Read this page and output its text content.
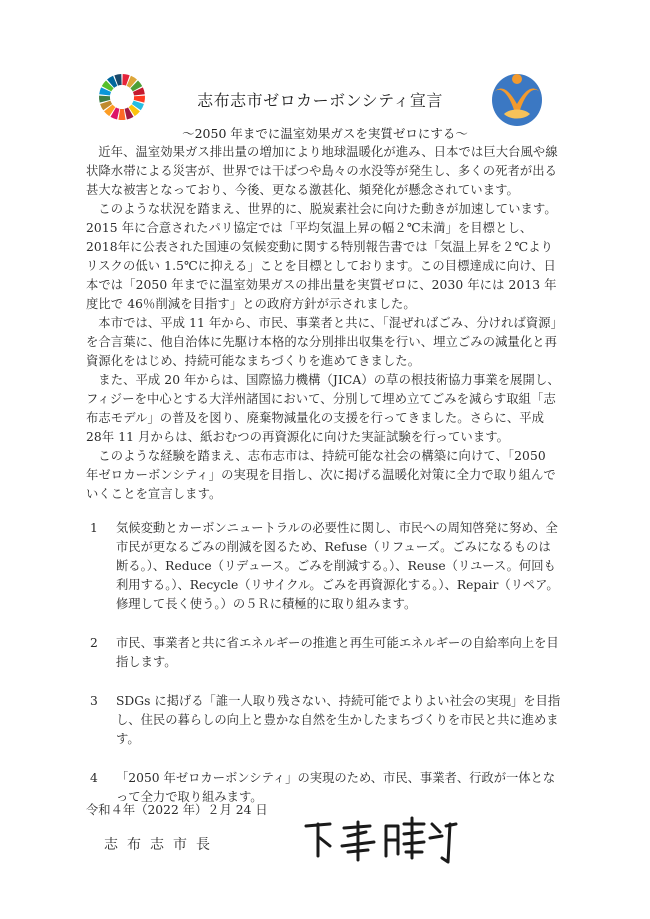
志布志市ゼロカーボンシティ宣言
～2050 年までに温室効果ガスを実質ゼロにする～

近年、温室効果ガス排出量の増加により地球温暖化が進み、日本では巨大台風や線状降水帯による災害が、世界では干ばつや島々の水没等が発生し、多くの死者が出る甚大な被害となっており、今後、更なる激甚化、頻発化が懸念されています。

このような状況を踏まえ、世界的に、脱炭素社会に向けた動きが加速しています。2015 年に合意されたパリ協定では「平均気温上昇の幅２℃未満」を目標とし、2018年に公表された国連の気候変動に関する特別報告書では「気温上昇を２℃よりリスクの低い 1.5℃に抑える」ことを目標としております。この目標達成に向け、日本では「2050 年までに温室効果ガスの排出量を実質ゼロに、2030 年には 2013 年度比で 46％削減を目指す」との政府方針が示されました。

本市では、平成 11 年から、市民、事業者と共に、「混ぜればごみ、分ければ資源」を合言葉に、他自治体に先駆け本格的な分別排出収集を行い、埋立ごみの減量化と再資源化をはじめ、持続可能なまちづくりを進めてきました。

また、平成 20 年からは、国際協力機構（JICA）の草の根技術協力事業を展開し、フィジーを中心とする大洋州諸国において、分別して埋め立てごみを減らす取組「志布志モデル」の普及を図り、廃棄物減量化の支援を行ってきました。さらに、平成 28年 11 月からは、紙おむつの再資源化に向けた実証試験を行っています。

このような経験を踏まえ、志布志市は、持続可能な社会の構築に向けて、「2050 年ゼロカーボンシティ」の実現を目指し、次に掲げる温暖化対策に全力で取り組んでいくことを宣言します。

1	気候変動とカーボンニュートラルの必要性に関し、市民への周知啓発に努め、全市民が更なるごみの削減を図るため、Refuse（リフューズ。ごみになるものは断る。）、Reduce（リデュース。ごみを削減する。）、Reuse（リユース。何回も利用する。）、Recycle（リサイクル。ごみを再資源化する。）、Repair（リペア。修理して長く使う。）の５Ｒに積極的に取り組みます。
2	市民、事業者と共に省エネルギーの推進と再生可能エネルギーの自給率向上を目指します。
3	SDGs に掲げる「誰一人取り残さない、持続可能でよりよい社会の実現」を目指し、住民の暮らしの向上と豊かな自然を生かしたまちづくりを市民と共に進めます。
4	「2050 年ゼロカーボンシティ」の実現のため、市民、事業者、行政が一体となって全力で取り組みます。
令和４年（2022 年）２月 24 日
志布志市長
